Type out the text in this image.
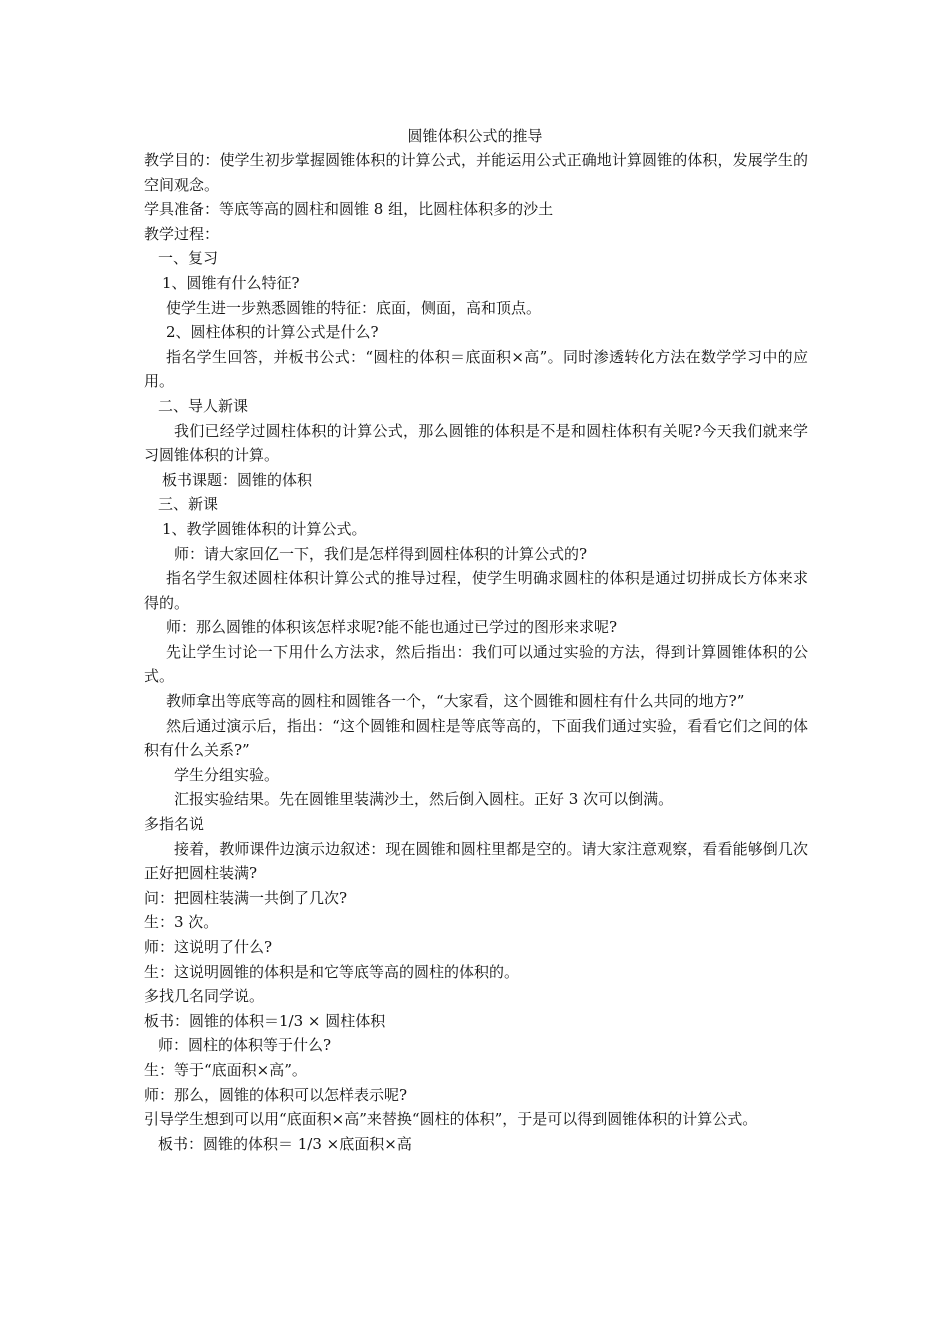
圆锥体积公式的推导

教学目的：使学生初步掌握圆锥体积的计算公式，并能运用公式正确地计算圆锥的体积，发展学生的空间观念。

学具准备：等底等高的圆柱和圆锥 8 组，比圆柱体积多的沙土

教学过程：

一、复习

1、圆锥有什么特征?

使学生进一步熟悉圆锥的特征：底面，侧面，高和顶点。

2、圆柱体积的计算公式是什么?

指名学生回答，并板书公式：“圆柱的体积＝底面积×高”。同时渗透转化方法在数学学习中的应用。

二、导人新课

我们已经学过圆柱体积的计算公式，那么圆锥的体积是不是和圆柱体积有关呢?今天我们就来学习圆锥体积的计算。

板书课题：圆锥的体积

三、新课

1、教学圆锥体积的计算公式。

师：请大家回亿一下，我们是怎样得到圆柱体积的计算公式的?

指名学生叙述圆柱体积计算公式的推导过程，使学生明确求圆柱的体积是通过切拼成长方体来求得的。

师：那么圆锥的体积该怎样求呢?能不能也通过已学过的图形来求呢?

先让学生讨论一下用什么方法求，然后指出：我们可以通过实验的方法，得到计算圆锥体积的公式。

教师拿出等底等高的圆柱和圆锥各一个，“大家看，这个圆锥和圆柱有什么共同的地方?”

然后通过演示后，指出：“这个圆锥和圆柱是等底等高的，下面我们通过实验，看看它们之间的体积有什么关系?”

学生分组实验。

汇报实验结果。先在圆锥里装满沙土，然后倒入圆柱。正好 3 次可以倒满。

多指名说

接着，教师课件边演示边叙述：现在圆锥和圆柱里都是空的。请大家注意观察，看看能够倒几次正好把圆柱装满?

问：把圆柱装满一共倒了几次?

生：3 次。

师：这说明了什么?

生：这说明圆锥的体积是和它等底等高的圆柱的体积的。

多找几名同学说。

板书：圆锥的体积＝1/3 × 圆柱体积

师：圆柱的体积等于什么?

生：等于“底面积×高”。

师：那么，圆锥的体积可以怎样表示呢?

引导学生想到可以用“底面积×高”来替换“圆柱的体积”，于是可以得到圆锥体积的计算公式。

板书：圆锥的体积＝ 1/3 ×底面积×高
